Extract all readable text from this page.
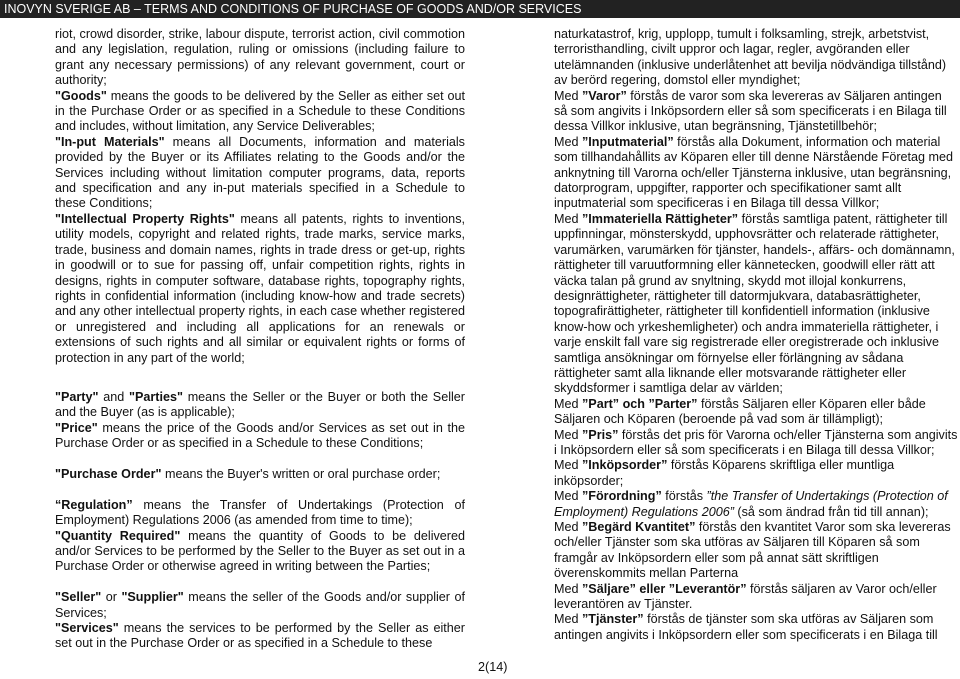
INOVYN SVERIGE AB – TERMS AND CONDITIONS OF PURCHASE OF GOODS AND/OR SERVICES

riot, crowd disorder, strike, labour dispute, terrorist action, civil commotion and any legislation, regulation, ruling or omissions (including failure to grant any necessary permissions) of any relevant government, court or authority;

"Goods" means the goods to be delivered by the Seller as either set out in the Purchase Order or as specified in a Schedule to these Conditions and includes, without limitation, any Service Deliverables;

"In-put Materials" means all Documents, information and materials provided by the Buyer or its Affiliates relating to the Goods and/or the Services including without limitation computer programs, data, reports and specification and any in-put materials specified in a Schedule to these Conditions;

"Intellectual Property Rights" means all patents, rights to inventions, utility models, copyright and related rights, trade marks, service marks, trade, business and domain names, rights in trade dress or get-up, rights in goodwill or to sue for passing off, unfair competition rights, rights in designs, rights in computer software, database rights, topography rights, rights in confidential information (including know-how and trade secrets) and any other intellectual property rights, in each case whether registered or unregistered and including all applications for an renewals or extensions of such rights and all similar or equivalent rights or forms of protection in any part of the world;

"Party" and "Parties" means the Seller or the Buyer or both the Seller and the Buyer (as is applicable);

"Price" means the price of the Goods and/or Services as set out in the Purchase Order or as specified in a Schedule to these Conditions;

"Purchase Order" means the Buyer's written or oral purchase order;

“Regulation” means the Transfer of Undertakings (Protection of Employment) Regulations 2006 (as amended from time to time);

"Quantity Required" means the quantity of Goods to be delivered and/or Services to be performed by the Seller to the Buyer as set out in a Purchase Order or otherwise agreed in writing between the Parties;

"Seller" or "Supplier" means the seller of the Goods and/or supplier of Services;

"Services" means the services to be performed by the Seller as either set out in the Purchase Order or as specified in a Schedule to these

naturkatastrof, krig, upplopp, tumult i folksamling, strejk, arbetstvist, terroristhandling, civilt uppror och lagar, regler, avgöranden eller utelämnanden (inklusive underlåtenhet att bevilja nödvändiga tillstånd) av berörd regering, domstol eller myndighet;

Med ”Varor” förstås de varor som ska levereras av Säljaren antingen så som angivits i Inköpsordern eller så som specificerats i en Bilaga till dessa Villkor inklusive, utan begränsning, Tjänstetillbehör;

Med ”Inputmaterial” förstås alla Dokument, information och material som tillhandahållits av Köparen eller till denne Närstående Företag med anknytning till Varorna och/eller Tjänsterna inklusive, utan begränsning, datorprogram, uppgifter, rapporter och specifikationer samt allt inputmaterial som specificeras i en Bilaga till dessa Villkor;

Med ”Immateriella Rättigheter” förstås samtliga patent, rättigheter till uppfinningar, mönsterskydd, upphovsrätter och relaterade rättigheter, varumärken, varumärken för tjänster, handels-, affärs- och domännamn, rättigheter till varuutformning eller kännetecken, goodwill eller rätt att väcka talan på grund av snyltning, skydd mot illojal konkurrens, designrättigheter, rättigheter till datormjukvara, databasrättigheter, topografirättigheter, rättigheter till konfidentiell information (inklusive know-how och yrkeshemligheter) och andra immateriella rättigheter, i varje enskilt fall vare sig registrerade eller oregistrerade och inklusive samtliga ansökningar om förnyelse eller förlängning av sådana rättigheter samt alla liknande eller motsvarande rättigheter eller skyddsformer i samtliga delar av världen;

Med ”Part” och ”Parter” förstås Säljaren eller Köparen eller både Säljaren och Köparen (beroende på vad som är tillämpligt);

Med ”Pris” förstås det pris för Varorna och/eller Tjänsterna som angivits i Inköpsordern eller så som specificerats i en Bilaga till dessa Villkor;

Med ”Inköpsorder” förstås Köparens skriftliga eller muntliga inköpsorder;

Med ”Förordning” förstås ”the Transfer of Undertakings (Protection of Employment) Regulations 2006” (så som ändrad från tid till annan);

Med ”Begärd Kvantitet” förstås den kvantitet Varor som ska levereras och/eller Tjänster som ska utföras av Säljaren till Köparen så som framgår av Inköpsordern eller som på annat sätt skriftligen överenskommits mellan Parterna

Med ”Säljare” eller ”Leverantör” förstås säljaren av Varor och/eller leverantören av Tjänster.

Med ”Tjänster” förstås de tjänster som ska utföras av Säljaren som antingen angivits i Inköpsordern eller som specificerats i en Bilaga till

2(14)
